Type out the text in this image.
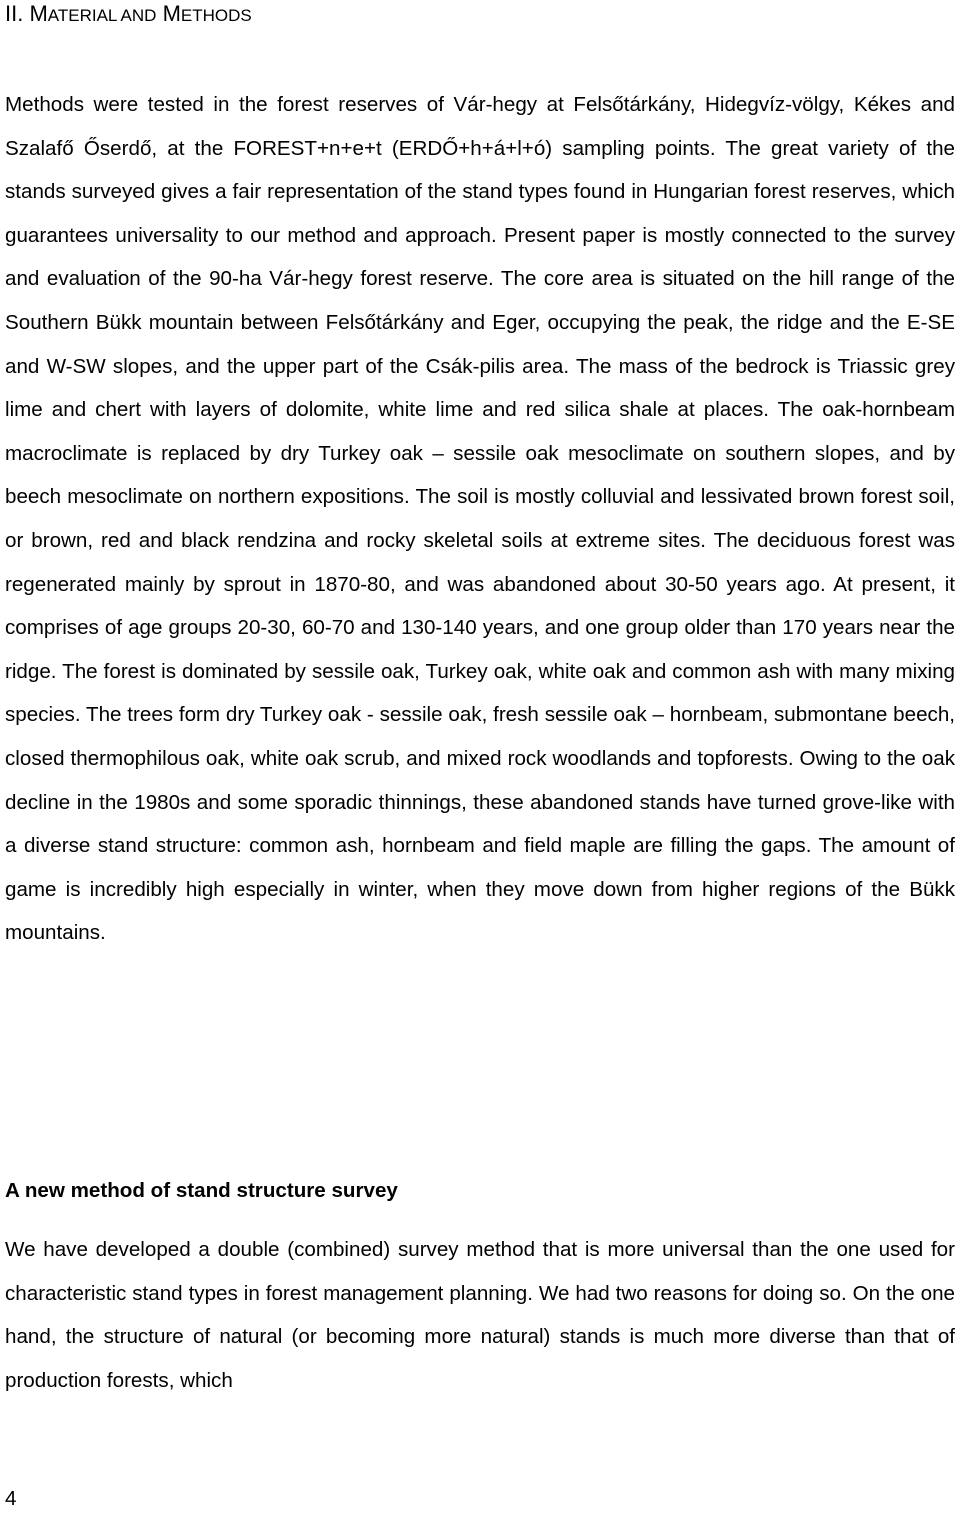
II. MATERIAL AND METHODS

Methods were tested in the forest reserves of Vár-hegy at Felsőtárkány, Hidegvíz-völgy, Kékes and Szalafő Őserdő, at the FOREST+n+e+t (ERDŐ+h+á+l+ó) sampling points. The great variety of the stands surveyed gives a fair representation of the stand types found in Hungarian forest reserves, which guarantees universality to our method and approach. Present paper is mostly connected to the survey and evaluation of the 90-ha Vár-hegy forest reserve. The core area is situated on the hill range of the Southern Bükk mountain between Felsőtárkány and Eger, occupying the peak, the ridge and the E-SE and W-SW slopes, and the upper part of the Csák-pilis area. The mass of the bedrock is Triassic grey lime and chert with layers of dolomite, white lime and red silica shale at places. The oak-hornbeam macroclimate is replaced by dry Turkey oak – sessile oak mesoclimate on southern slopes, and by beech mesoclimate on northern expositions. The soil is mostly colluvial and lessivated brown forest soil, or brown, red and black rendzina and rocky skeletal soils at extreme sites. The deciduous forest was regenerated mainly by sprout in 1870-80, and was abandoned about 30-50 years ago. At present, it comprises of age groups 20-30, 60-70 and 130-140 years, and one group older than 170 years near the ridge. The forest is dominated by sessile oak, Turkey oak, white oak and common ash with many mixing species. The trees form dry Turkey oak - sessile oak, fresh sessile oak – hornbeam, submontane beech, closed thermophilous oak, white oak scrub, and mixed rock woodlands and topforests. Owing to the oak decline in the 1980s and some sporadic thinnings, these abandoned stands have turned grove-like with a diverse stand structure: common ash, hornbeam and field maple are filling the gaps. The amount of game is incredibly high especially in winter, when they move down from higher regions of the Bükk mountains.

A new method of stand structure survey

We have developed a double (combined) survey method that is more universal than the one used for characteristic stand types in forest management planning. We had two reasons for doing so. On the one hand, the structure of natural (or becoming more natural) stands is much more diverse than that of production forests, which

4
